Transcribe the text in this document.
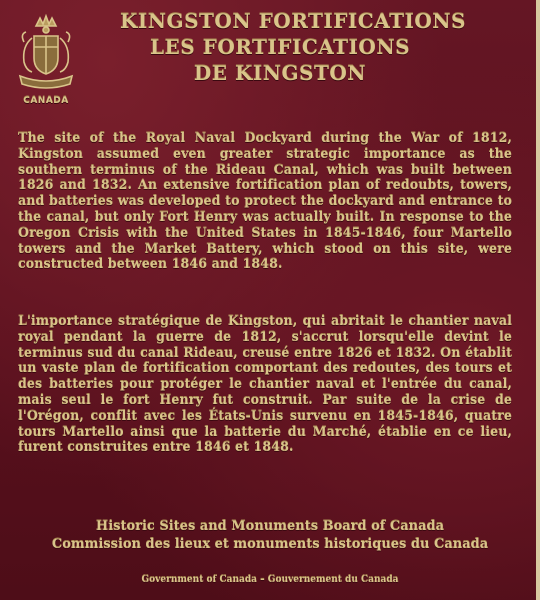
CANADA
KINGSTON FORTIFICATIONS
LES FORTIFICATIONS
DE KINGSTON
The site of the Royal Naval Dockyard during the War of 1812, Kingston assumed even greater strategic importance as the southern terminus of the Rideau Canal, which was built between 1826 and 1832. An extensive fortification plan of redoubts, towers, and batteries was developed to protect the dockyard and entrance to the canal, but only Fort Henry was actually built. In response to the Oregon Crisis with the United States in 1845-1846, four Martello towers and the Market Battery, which stood on this site, were constructed between 1846 and 1848.
L'importance stratégique de Kingston, qui abritait le chantier naval royal pendant la guerre de 1812, s'accrut lorsqu'elle devint le terminus sud du canal Rideau, creusé entre 1826 et 1832. On établit un vaste plan de fortification comportant des redoutes, des tours et des batteries pour protéger le chantier naval et l'entrée du canal, mais seul le fort Henry fut construit. Par suite de la crise de l'Orégon, conflit avec les États-Unis survenu en 1845-1846, quatre tours Martello ainsi que la batterie du Marché, établie en ce lieu, furent construites entre 1846 et 1848.
Historic Sites and Monuments Board of Canada
Commission des lieux et monuments historiques du Canada
Government of Canada – Gouvernement du Canada
